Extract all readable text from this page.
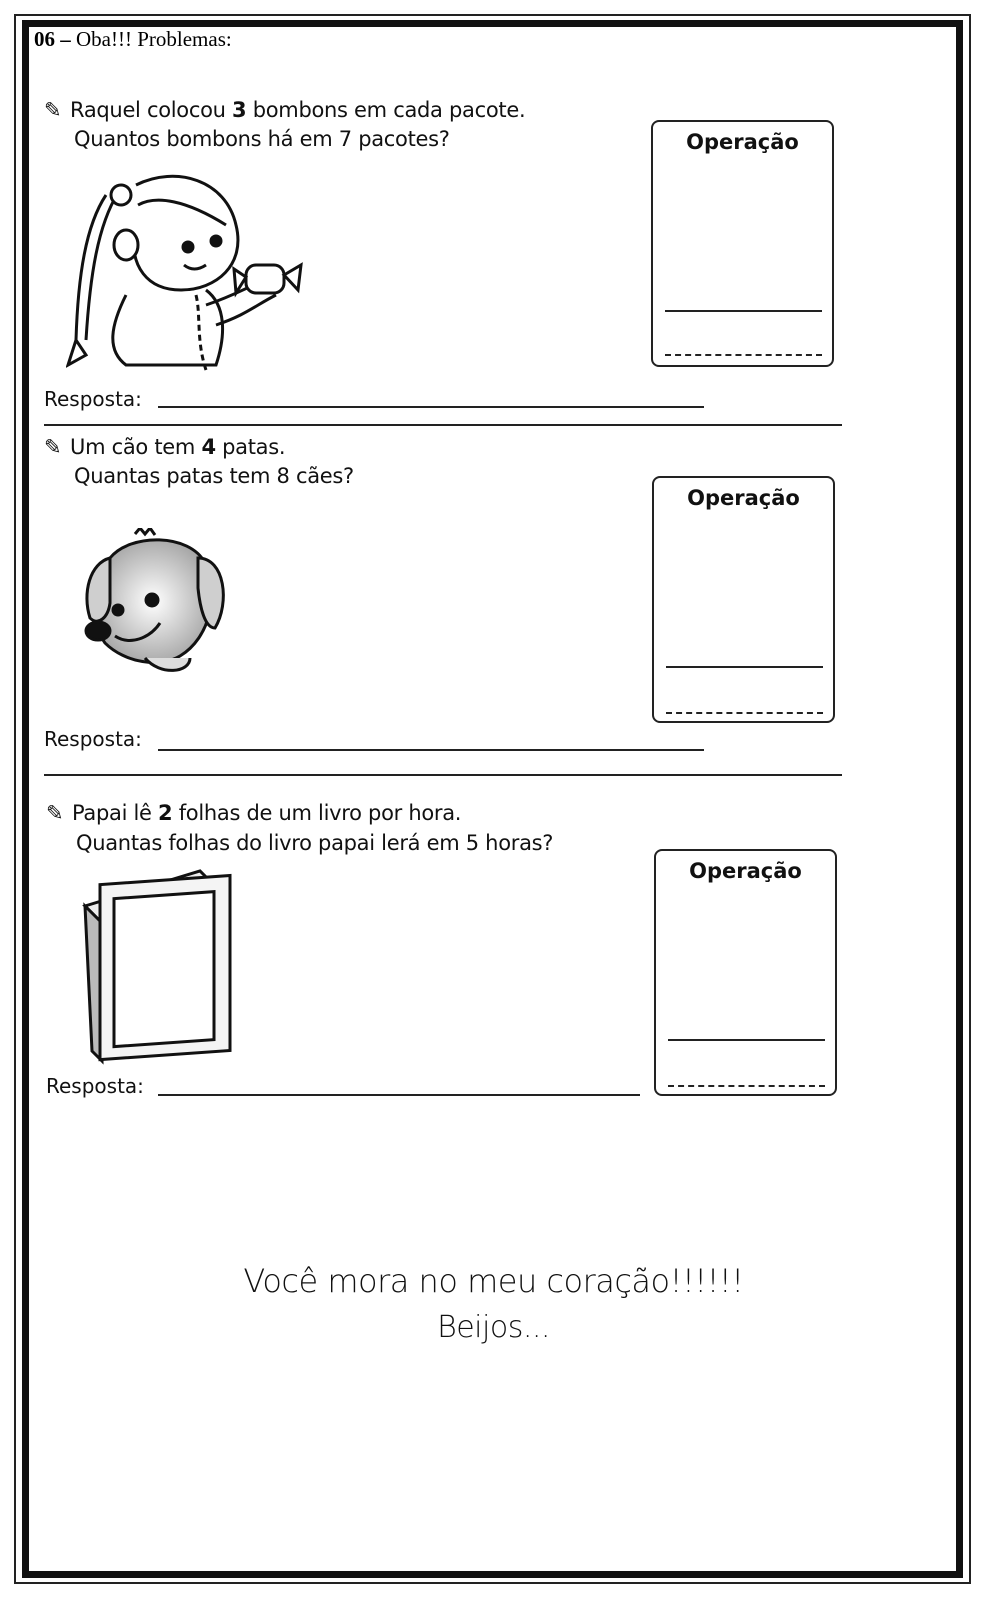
06 – Oba!!! Problemas:
✎ Raquel colocou 3 bombons em cada pacote.
Quantos bombons há em 7 pacotes?	Operação
Resposta:
✎ Um cão tem 4 patas.
Quantas patas tem 8 cães?
Operação
Resposta:
✎ Papai lê 2 folhas de um livro por hora.
Quantas folhas do livro papai lerá em 5 horas?
Operação
Resposta:
Você mora no meu coração!!!!!!
Beijos...
